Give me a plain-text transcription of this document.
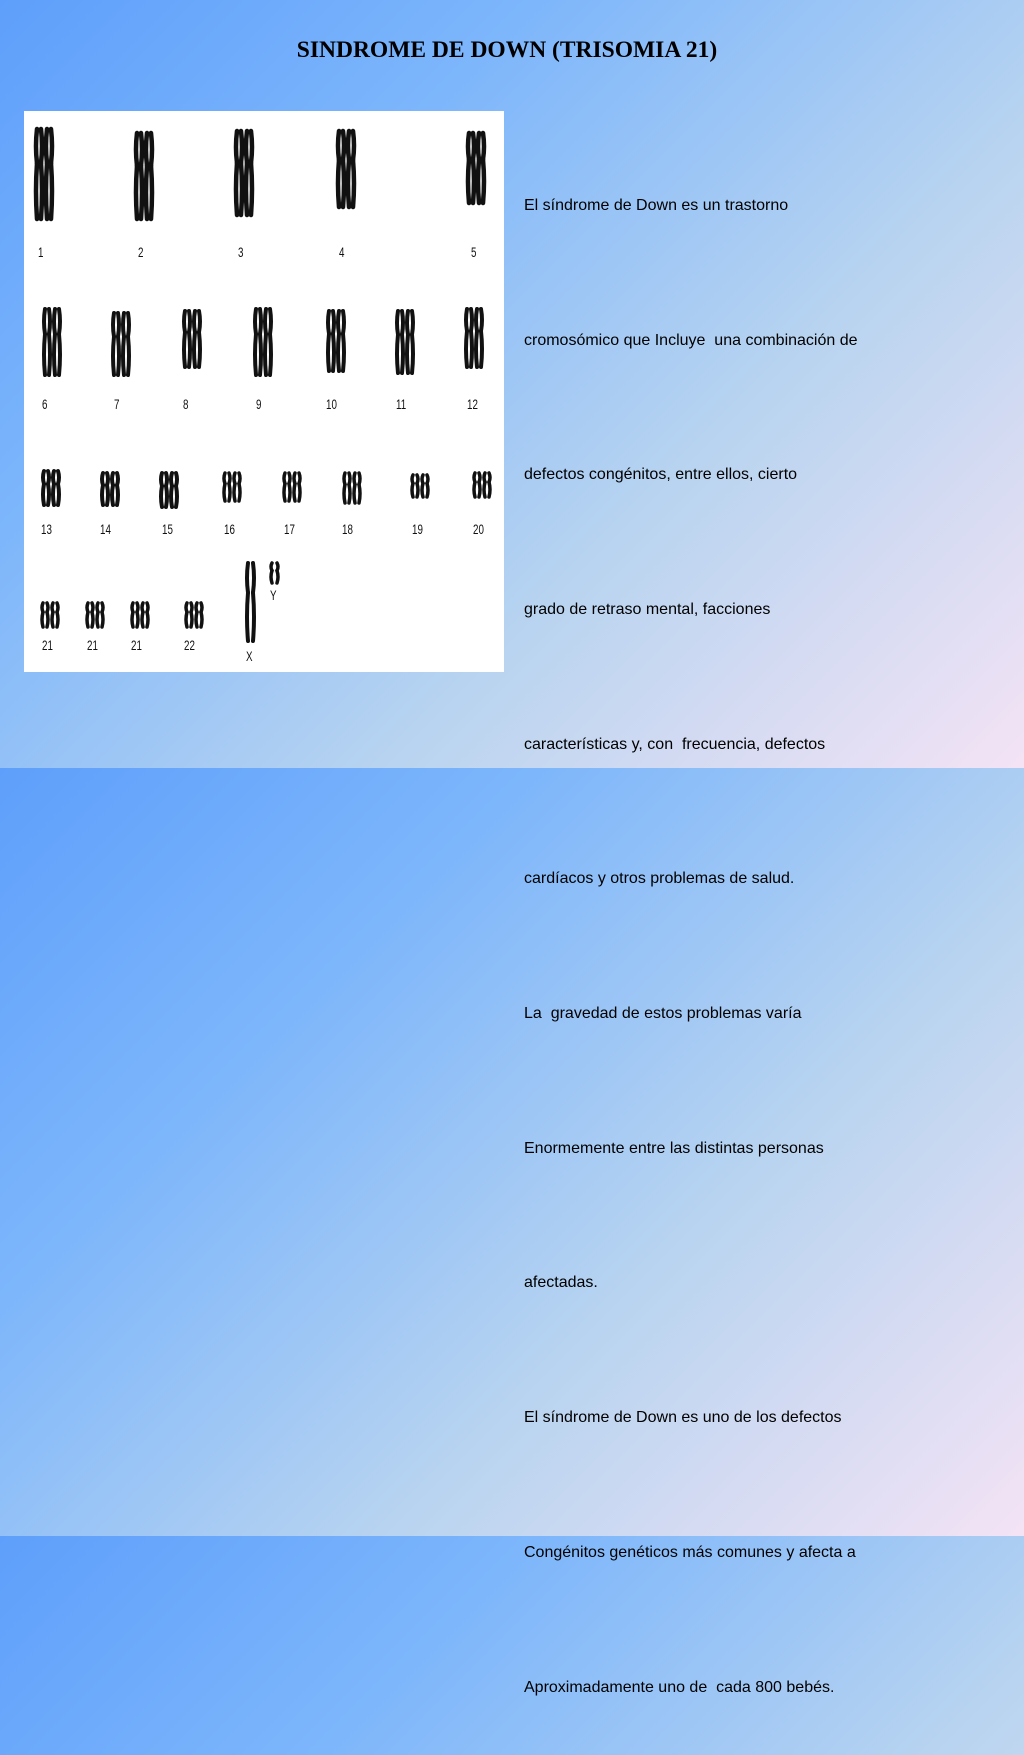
SINDROME DE DOWN (TRISOMIA 21)
1	2	3	4	5
6	7	8	9	10	11	12
13	14	15	16	17	18	19	20
21 21 21	22
X
Y

El síndrome de Down es un trastorno

cromosómico que Incluye  una combinación de

defectos congénitos, entre ellos, cierto

grado de retraso mental, facciones

características y, con  frecuencia, defectos

cardíacos y otros problemas de salud.

La  gravedad de estos problemas varía

Enormemente entre las distintas personas

afectadas.

El síndrome de Down es uno de los defectos

Congénitos genéticos más comunes y afecta a

Aproximadamente uno de  cada 800 bebés.
